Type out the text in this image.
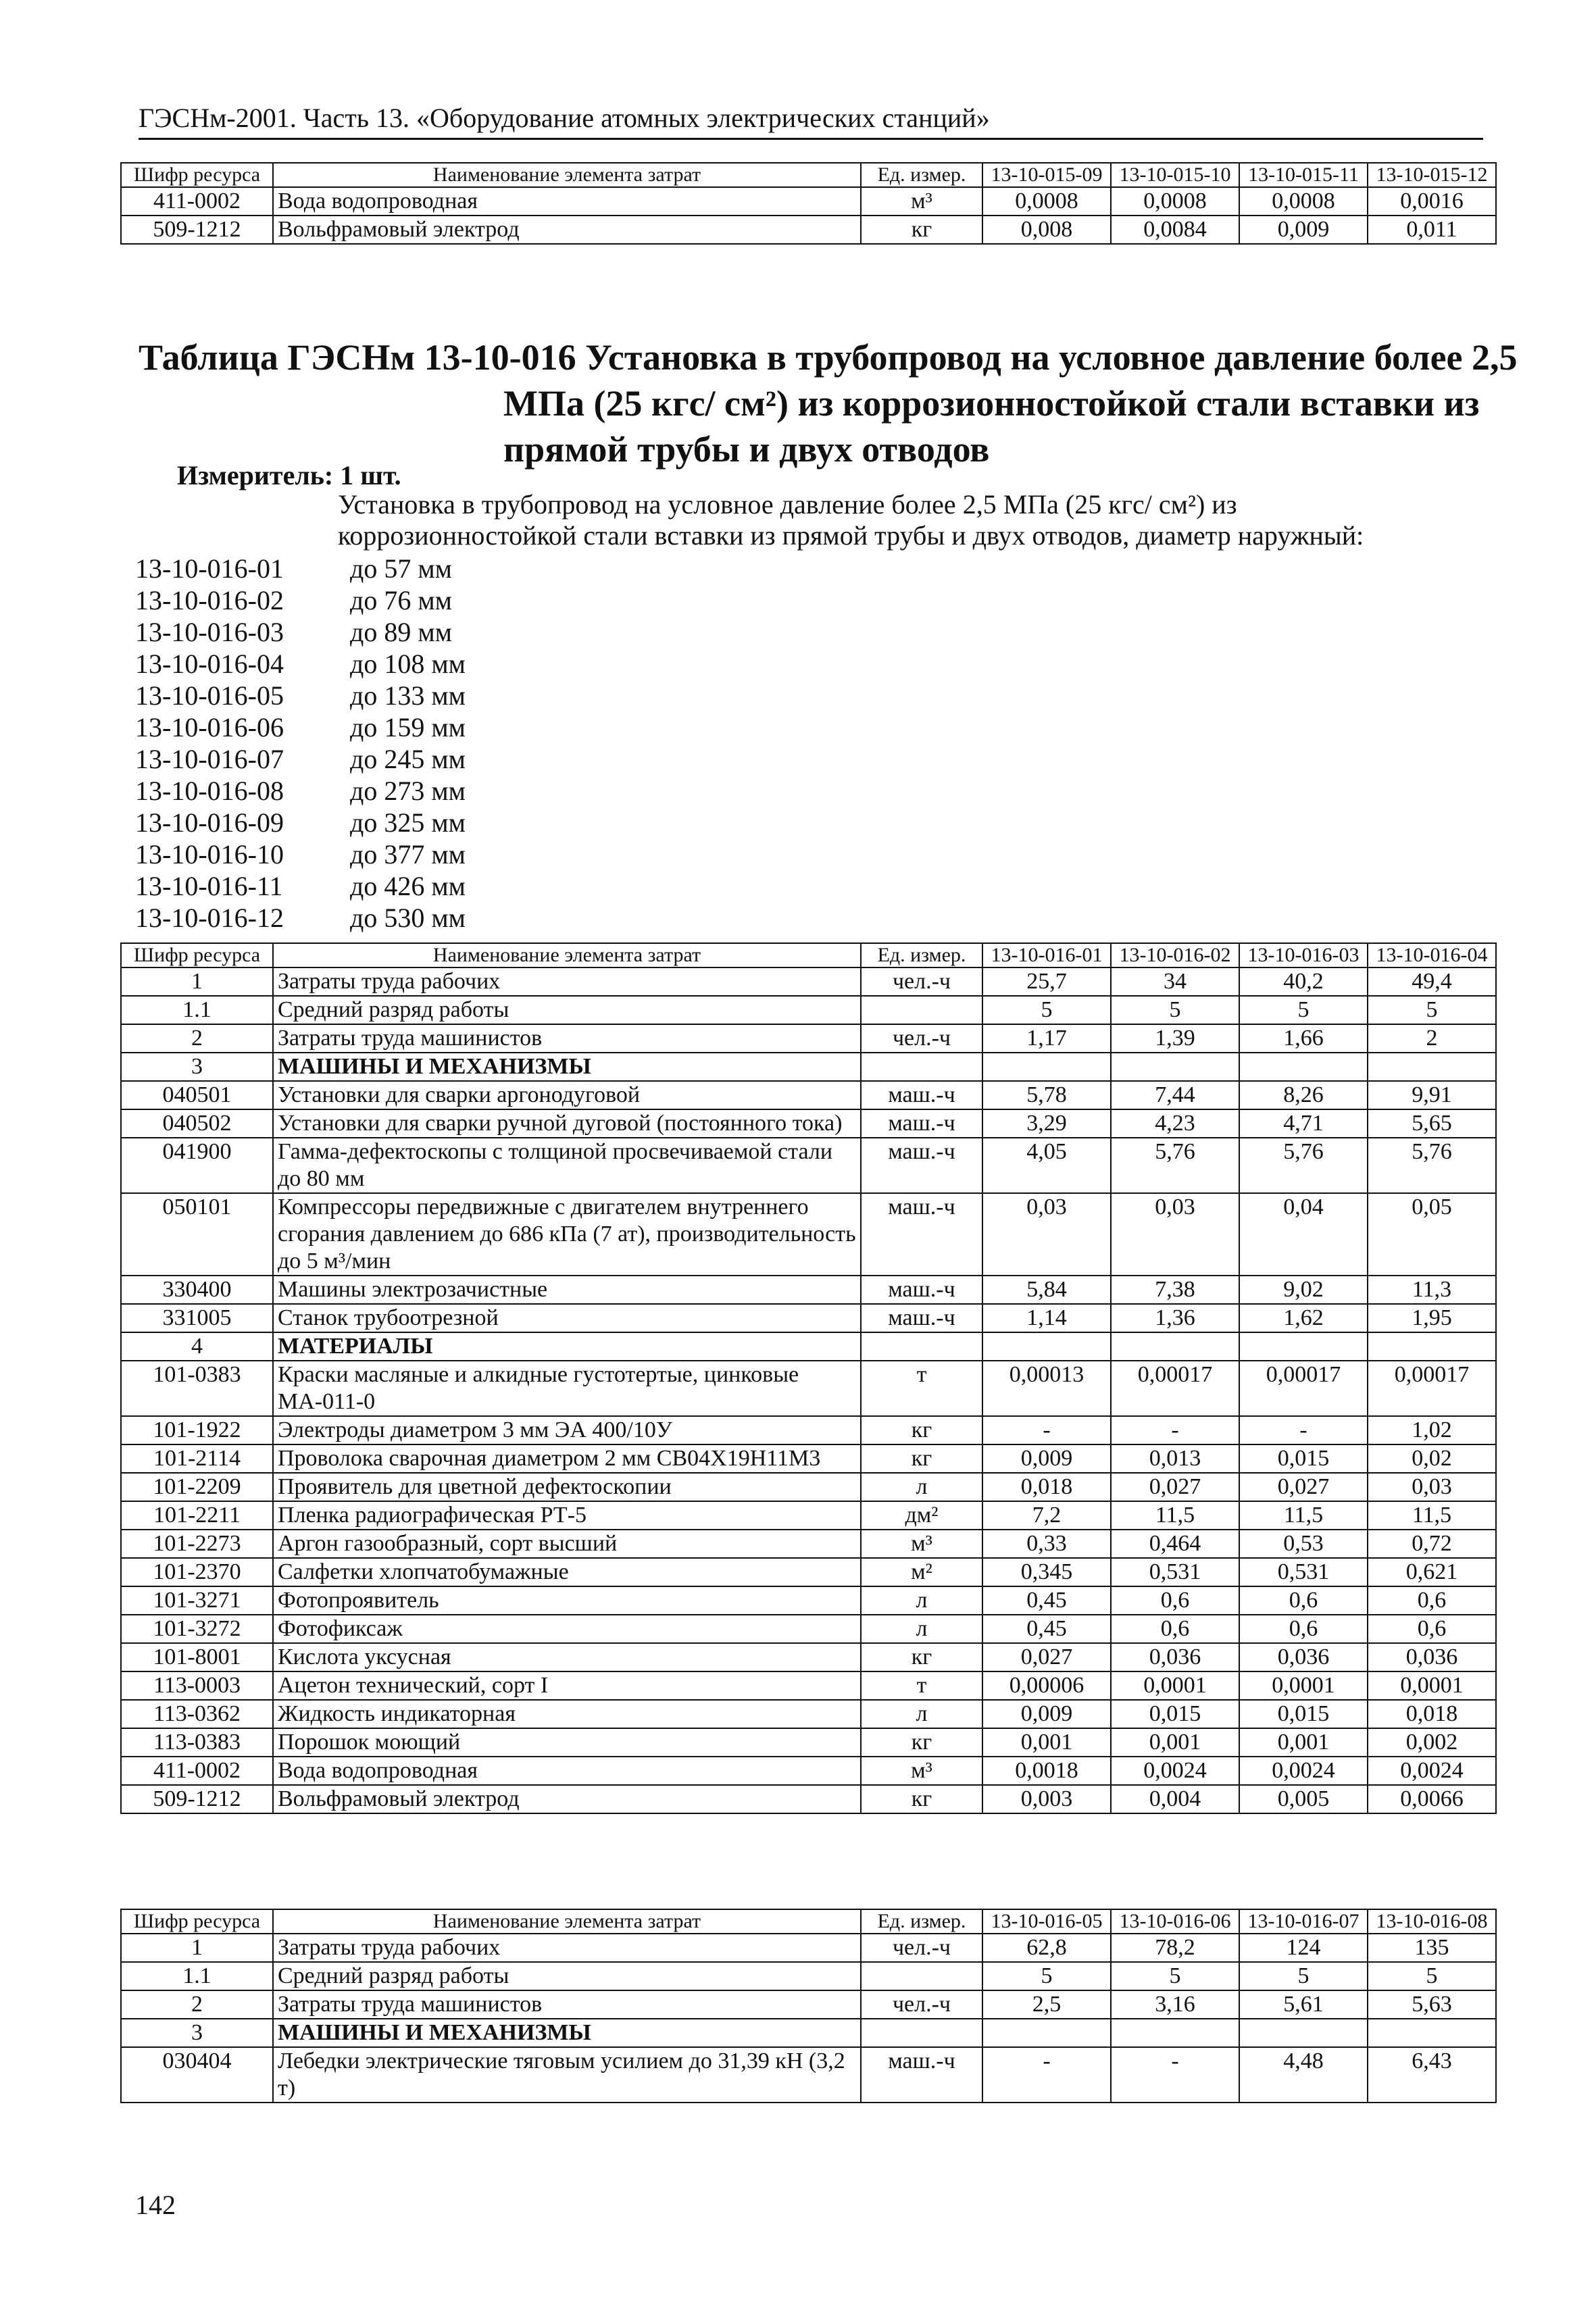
ГЭСНм-2001. Часть 13. «Оборудование атомных электрических станций»
Шифр ресурса	Наименование элемента затрат	Ед. измер.	13-10-015-09	13-10-015-10	13-10-015-11	13-10-015-12
411-0002	Вода водопроводная	м³	0,0008	0,0008	0,0008	0,0016
509-1212	Вольфрамовый электрод	кг	0,008	0,0084	0,009	0,011
Таблица ГЭСНм 13-10-016 Установка в трубопровод на условное давление более 2,5
МПа (25 кгс/ см²) из коррозионностойкой стали вставки из
прямой трубы и двух отводов
Измеритель: 1 шт.
Установка в трубопровод на условное давление более 2,5 МПа (25 кгс/ см²) из коррозионностойкой стали вставки из прямой трубы и двух отводов, диаметр наружный:
13-10-016-01	до 57 мм
13-10-016-02	до 76 мм
13-10-016-03	до 89 мм
13-10-016-04	до 108 мм
13-10-016-05	до 133 мм
13-10-016-06	до 159 мм
13-10-016-07	до 245 мм
13-10-016-08	до 273 мм
13-10-016-09	до 325 мм
13-10-016-10	до 377 мм
13-10-016-11	до 426 мм
13-10-016-12	до 530 мм
Шифр ресурса	Наименование элемента затрат	Ед. измер.	13-10-016-01	13-10-016-02	13-10-016-03	13-10-016-04
1	Затраты труда рабочих	чел.-ч	25,7	34	40,2	49,4
1.1	Средний разряд работы		5	5	5	5
2	Затраты труда машинистов	чел.-ч	1,17	1,39	1,66	2
3	МАШИНЫ И МЕХАНИЗМЫ					
040501	Установки для сварки аргонодуговой	маш.-ч	5,78	7,44	8,26	9,91
040502	Установки для сварки ручной дуговой (постоянного тока)	маш.-ч	3,29	4,23	4,71	5,65
041900	Гамма-дефектоскопы с толщиной просвечиваемой стали до 80 мм	маш.-ч	4,05	5,76	5,76	5,76
050101	Компрессоры передвижные с двигателем внутреннего сгорания давлением до 686 кПа (7 ат), производительность до 5 м³/мин	маш.-ч	0,03	0,03	0,04	0,05
330400	Машины электрозачистные	маш.-ч	5,84	7,38	9,02	11,3
331005	Станок трубоотрезной	маш.-ч	1,14	1,36	1,62	1,95
4	МАТЕРИАЛЫ					
101-0383	Краски масляные и алкидные густотертые, цинковые МА-011-0	т	0,00013	0,00017	0,00017	0,00017
101-1922	Электроды диаметром 3 мм ЭА 400/10У	кг	-	-	-	1,02
101-2114	Проволока сварочная диаметром 2 мм СВ04Х19Н11М3	кг	0,009	0,013	0,015	0,02
101-2209	Проявитель для цветной дефектоскопии	л	0,018	0,027	0,027	0,03
101-2211	Пленка радиографическая РТ-5	дм²	7,2	11,5	11,5	11,5
101-2273	Аргон газообразный, сорт высший	м³	0,33	0,464	0,53	0,72
101-2370	Салфетки хлопчатобумажные	м²	0,345	0,531	0,531	0,621
101-3271	Фотопроявитель	л	0,45	0,6	0,6	0,6
101-3272	Фотофиксаж	л	0,45	0,6	0,6	0,6
101-8001	Кислота уксусная	кг	0,027	0,036	0,036	0,036
113-0003	Ацетон технический, сорт I	т	0,00006	0,0001	0,0001	0,0001
113-0362	Жидкость индикаторная	л	0,009	0,015	0,015	0,018
113-0383	Порошок моющий	кг	0,001	0,001	0,001	0,002
411-0002	Вода водопроводная	м³	0,0018	0,0024	0,0024	0,0024
509-1212	Вольфрамовый электрод	кг	0,003	0,004	0,005	0,0066
Шифр ресурса	Наименование элемента затрат	Ед. измер.	13-10-016-05	13-10-016-06	13-10-016-07	13-10-016-08
1	Затраты труда рабочих	чел.-ч	62,8	78,2	124	135
1.1	Средний разряд работы		5	5	5	5
2	Затраты труда машинистов	чел.-ч	2,5	3,16	5,61	5,63
3	МАШИНЫ И МЕХАНИЗМЫ					
030404	Лебедки электрические тяговым усилием до 31,39 кН (3,2 т)	маш.-ч	-	-	4,48	6,43
142
